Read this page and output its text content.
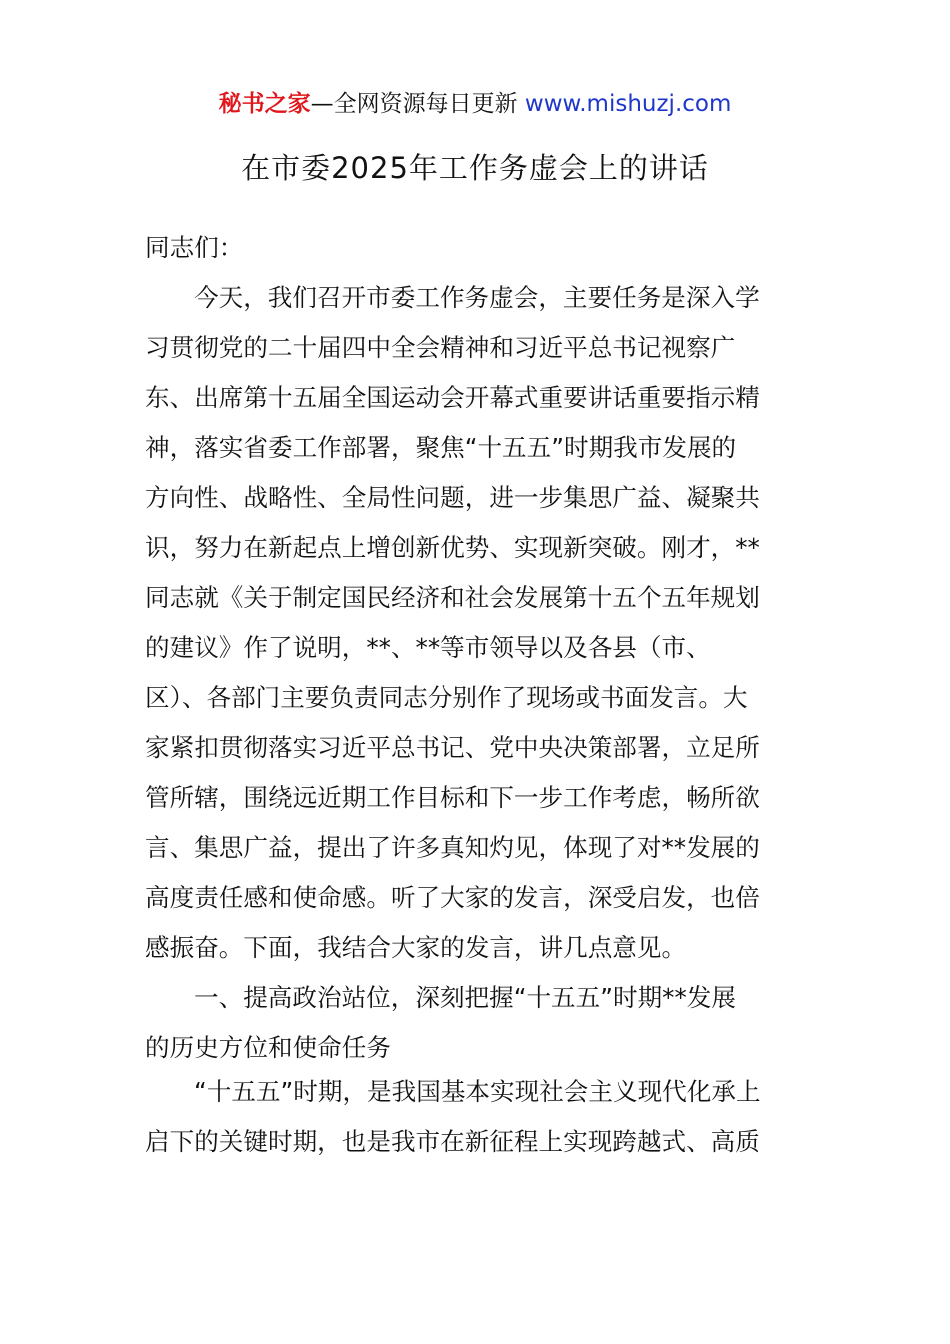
秘书之家—全网资源每日更新 www.mishuzj.com
在市委2025年工作务虚会上的讲话
同志们：
今天，我们召开市委工作务虚会，主要任务是深入学
习贯彻党的二十届四中全会精神和习近平总书记视察广
东、出席第十五届全国运动会开幕式重要讲话重要指示精
神，落实省委工作部署，聚焦“十五五”时期我市发展的
方向性、战略性、全局性问题，进一步集思广益、凝聚共
识，努力在新起点上增创新优势、实现新突破。刚才，**
同志就《关于制定国民经济和社会发展第十五个五年规划
的建议》作了说明，**、**等市领导以及各县（市、
区）、各部门主要负责同志分别作了现场或书面发言。大
家紧扣贯彻落实习近平总书记、党中央决策部署，立足所
管所辖，围绕远近期工作目标和下一步工作考虑，畅所欲
言、集思广益，提出了许多真知灼见，体现了对**发展的
高度责任感和使命感。听了大家的发言，深受启发，也倍
感振奋。下面，我结合大家的发言，讲几点意见。
一、提高政治站位，深刻把握“十五五”时期**发展
的历史方位和使命任务
“十五五”时期，是我国基本实现社会主义现代化承上
启下的关键时期，也是我市在新征程上实现跨越式、高质
